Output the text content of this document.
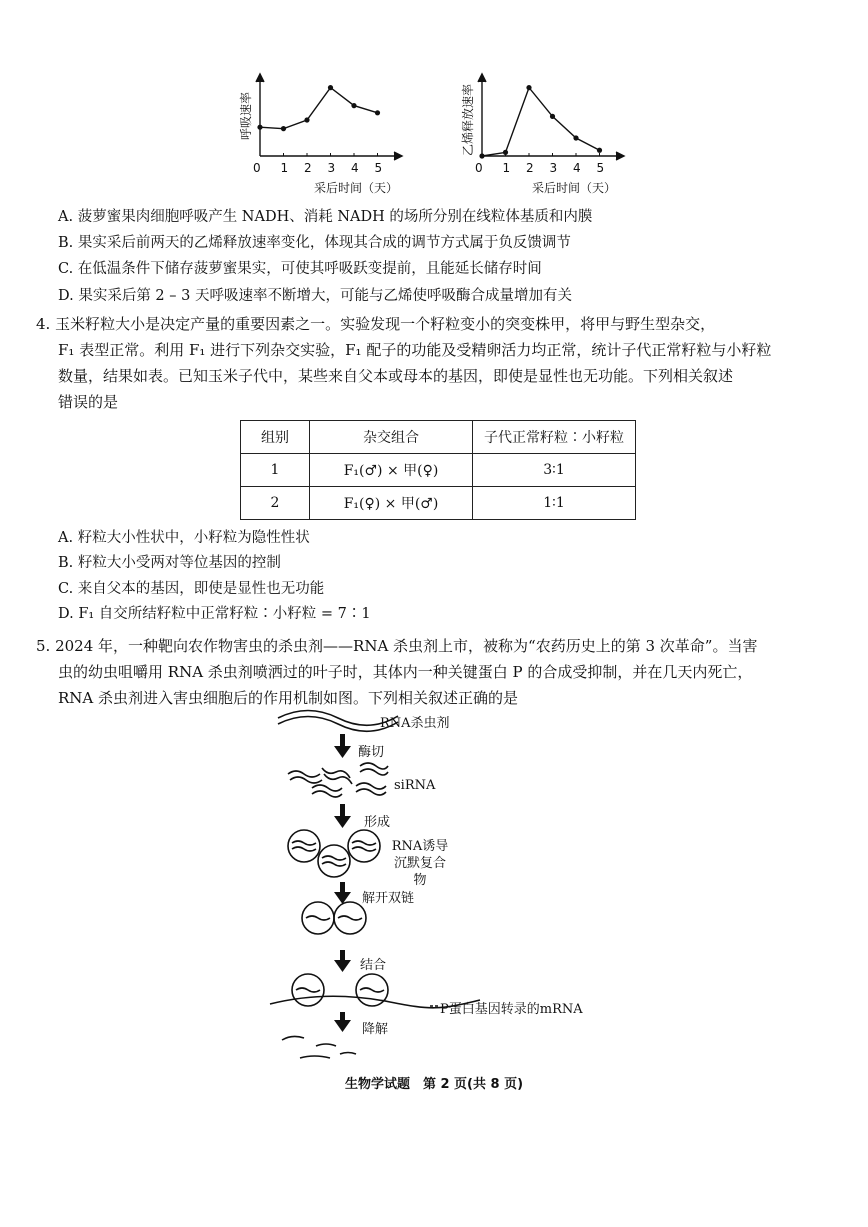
呼吸速率
采后时间（天）
0 1 2 3 4 5
乙烯释放速率
采后时间（天）
0 1 2 3 4 5
A. 菠萝蜜果肉细胞呼吸产生 NADH、消耗 NADH 的场所分别在线粒体基质和内膜
B. 果实采后前两天的乙烯释放速率变化，体现其合成的调节方式属于负反馈调节
C. 在低温条件下储存菠萝蜜果实，可使其呼吸跃变提前，且能延长储存时间
D. 果实采后第 2 – 3 天呼吸速率不断增大，可能与乙烯使呼吸酶合成量增加有关
4. 玉米籽粒大小是决定产量的重要因素之一。实验发现一个籽粒变小的突变株甲，将甲与野生型杂交，
F₁ 表型正常。利用 F₁ 进行下列杂交实验，F₁ 配子的功能及受精卵活力均正常，统计子代正常籽粒与小籽粒
数量，结果如表。已知玉米子代中，某些来自父本或母本的基因，即使是显性也无功能。下列相关叙述
错误的是
组别	杂交组合	子代正常籽粒∶小籽粒
1	F₁(♂) × 甲(♀)	3∶1
2	F₁(♀) × 甲(♂)	1∶1
A. 籽粒大小性状中，小籽粒为隐性性状
B. 籽粒大小受两对等位基因的控制
C. 来自父本的基因，即使是显性也无功能
D. F₁ 自交所结籽粒中正常籽粒∶小籽粒 = 7∶1
5. 2024 年，一种靶向农作物害虫的杀虫剂——RNA 杀虫剂上市，被称为“农药历史上的第 3 次革命”。当害
虫的幼虫咀嚼用 RNA 杀虫剂喷洒过的叶子时，其体内一种关键蛋白 P 的合成受抑制，并在几天内死亡，
RNA 杀虫剂进入害虫细胞后的作用机制如图。下列相关叙述正确的是
RNA杀虫剂
酶切
siRNA
形成
RNA诱导沉默复合物
解开双链
结合
P蛋白基因转录的mRNA
降解
生物学试题　第 2 页(共 8 页)
